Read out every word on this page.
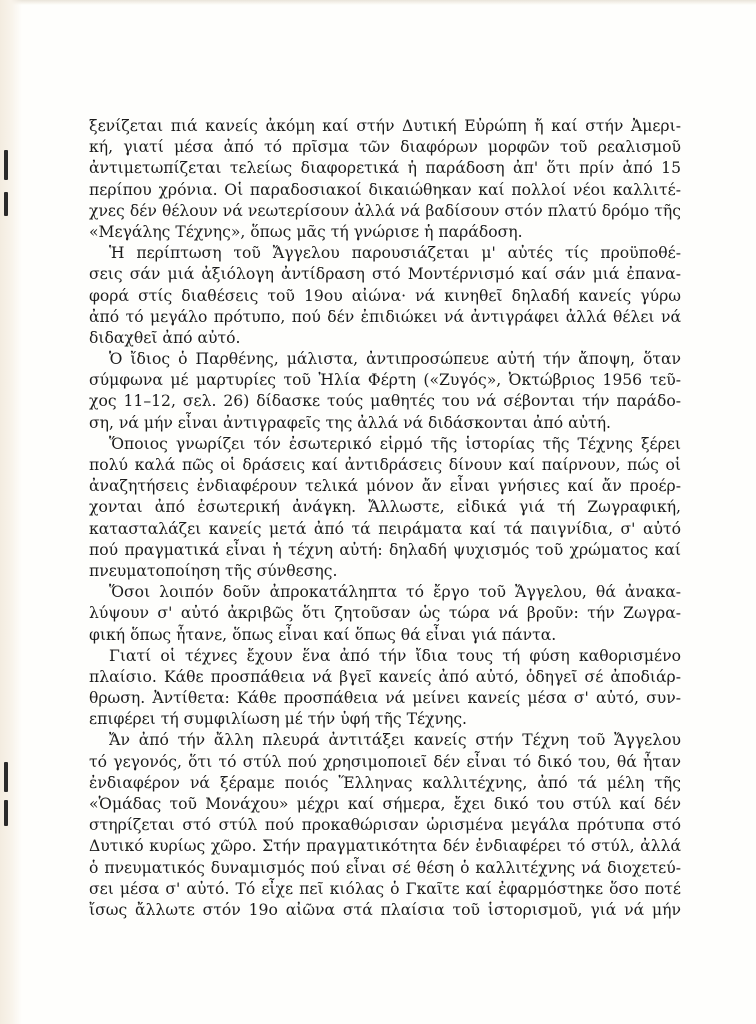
ξενίζεται πιά κανείς ἀκόμη καί στήν Δυτική Εὐρώπη ἤ καί στήν Ἀμερι-
κή, γιατί μέσα ἀπό τό πρῖσμα τῶν διαφόρων μορφῶν τοῦ ρεαλισμοῦ
ἀντιμετωπίζεται τελείως διαφορετικά ἡ παράδοση ἀπ' ὅτι πρίν ἀπό 15
περίπου χρόνια. Οἱ παραδοσιακοί δικαιώθηκαν καί πολλοί νέοι καλλιτέ-
χνες δέν θέλουν νά νεωτερίσουν ἀλλά νά βαδίσουν στόν πλατύ δρόμο τῆς
«Μεγάλης Τέχνης», ὅπως μᾶς τή γνώρισε ἡ παράδοση.
Ἡ περίπτωση τοῦ Ἄγγελου παρουσιάζεται μ' αὐτές τίς προϋποθέ-
σεις σάν μιά ἀξιόλογη ἀντίδραση στό Μοντέρνισμό καί σάν μιά ἐπανα-
φορά στίς διαθέσεις τοῦ 19ου αἰώνα· νά κινηθεῖ δηλαδή κανείς γύρω
ἀπό τό μεγάλο πρότυπο, πού δέν ἐπιδιώκει νά ἀντιγράφει ἀλλά θέλει νά
διδαχθεῖ ἀπό αὐτό.
Ὁ ἴδιος ὁ Παρθένης, μάλιστα, ἀντιπροσώπευε αὐτή τήν ἄποψη, ὅταν
σύμφωνα μέ μαρτυρίες τοῦ Ἠλία Φέρτη («Ζυγός», Ὀκτώβριος 1956 τεῦ-
χος 11–12, σελ. 26) δίδασκε τούς μαθητές του νά σέβονται τήν παράδο-
ση, νά μήν εἶναι ἀντιγραφεῖς της ἀλλά νά διδάσκονται ἀπό αὐτή.
Ὅποιος γνωρίζει τόν ἐσωτερικό εἱρμό τῆς ἱστορίας τῆς Τέχνης ξέρει
πολύ καλά πῶς οἱ δράσεις καί ἀντιδράσεις δίνουν καί παίρνουν, πώς οἱ
ἀναζητήσεις ἐνδιαφέρουν τελικά μόνον ἄν εἶναι γνήσιες καί ἄν προέρ-
χονται ἀπό ἐσωτερική ἀνάγκη. Ἄλλωστε, εἰδικά γιά τή Ζωγραφική,
κατασταλάζει κανείς μετά ἀπό τά πειράματα καί τά παιγνίδια, σ' αὐτό
πού πραγματικά εἶναι ἡ τέχνη αὐτή: δηλαδή ψυχισμός τοῦ χρώματος καί
πνευματοποίηση τῆς σύνθεσης.
Ὅσοι λοιπόν δοῦν ἀπροκατάληπτα τό ἔργο τοῦ Ἄγγελου, θά ἀνακα-
λύψουν σ' αὐτό ἀκριβῶς ὅτι ζητοῦσαν ὡς τώρα νά βροῦν: τήν Ζωγρα-
φική ὅπως ἦτανε, ὅπως εἶναι καί ὅπως θά εἶναι γιά πάντα.
Γιατί οἱ τέχνες ἔχουν ἕνα ἀπό τήν ἴδια τους τή φύση καθορισμένο
πλαίσιο. Κάθε προσπάθεια νά βγεῖ κανείς ἀπό αὐτό, ὁδηγεῖ σέ ἀποδιάρ-
θρωση. Ἀντίθετα: Κάθε προσπάθεια νά μείνει κανείς μέσα σ' αὐτό, συν-
επιφέρει τή συμφιλίωση μέ τήν ὑφή τῆς Τέχνης.
Ἄν ἀπό τήν ἄλλη πλευρά ἀντιτάξει κανείς στήν Τέχνη τοῦ Ἄγγελου
τό γεγονός, ὅτι τό στύλ πού χρησιμοποιεῖ δέν εἶναι τό δικό του, θά ἦταν
ἐνδιαφέρον νά ξέραμε ποιός Ἕλληνας καλλιτέχνης, ἀπό τά μέλη τῆς
«Ὁμάδας τοῦ Μονάχου» μέχρι καί σήμερα, ἔχει δικό του στύλ καί δέν
στηρίζεται στό στύλ πού προκαθώρισαν ὡρισμένα μεγάλα πρότυπα στό
Δυτικό κυρίως χῶρο. Στήν πραγματικότητα δέν ἐνδιαφέρει τό στύλ, ἀλλά
ὁ πνευματικός δυναμισμός πού εἶναι σέ θέση ὁ καλλιτέχνης νά διοχετεύ-
σει μέσα σ' αὐτό. Τό εἶχε πεῖ κιόλας ὁ Γκαῖτε καί ἐφαρμόστηκε ὅσο ποτέ
ἴσως ἄλλωτε στόν 19ο αἰῶνα στά πλαίσια τοῦ ἱστορισμοῦ, γιά νά μήν
